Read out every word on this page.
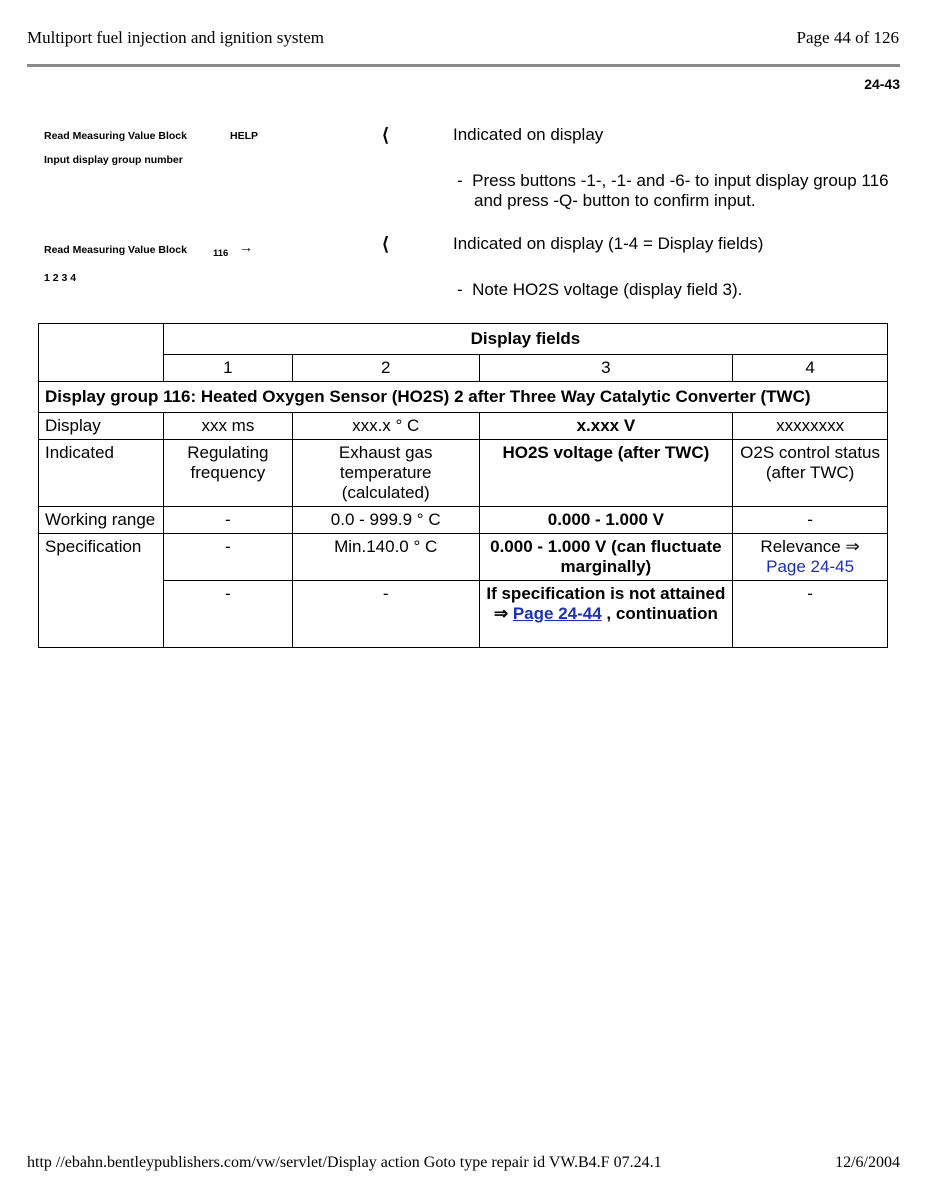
Multiport fuel injection and ignition system	Page 44 of 126
24-43
Read Measuring Value Block	HELP
Input display group number
⟨	Indicated on display
-  Press buttons -1-, -1- and -6- to input display group 116 and press -Q- button to confirm input.
Read Measuring Value Block	116 →
1 2 3 4
⟨	Indicated on display (1-4 = Display fields)
-  Note HO2S voltage (display field 3).
	Display fields			
	1	2	3	4
Display group 116: Heated Oxygen Sensor (HO2S) 2 after Three Way Catalytic Converter (TWC)				
Display	xxx ms	xxx.x ° C	x.xxx V	xxxxxxxx
Indicated	Regulating frequency	Exhaust gas temperature (calculated)	HO2S voltage (after TWC)	O2S control status (after TWC)
Working range	-	0.0 - 999.9 ° C	0.000 - 1.000 V	-
Specification	-	Min.140.0 ° C	0.000 - 1.000 V (can fluctuate marginally)	Relevance ⇒
Page 24-45
	-	-	If specification is not attained ⇒ Page 24-44 , continuation	-
http //ebahn.bentleypublishers.com/vw/servlet/Display action Goto type repair id VW.B4.F 07.24.1	12/6/2004
